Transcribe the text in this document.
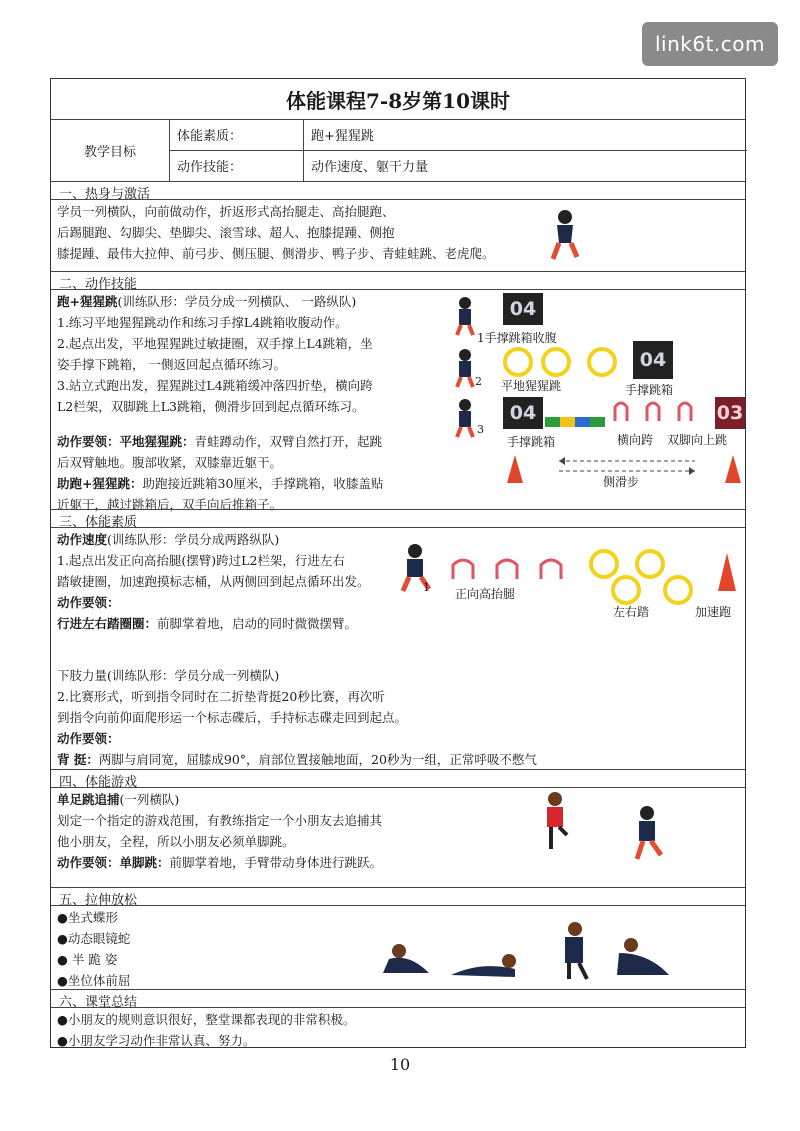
link6t.com
体能课程7-8岁第10课时
教学目标
体能素质：	跑+猩猩跳
动作技能：	动作速度、躯干力量
一、热身与激活

学员一列横队，向前做动作，折返形式高抬腿走、高抬腿跑、

后踢腿跑、勾脚尖、垫脚尖、滚雪球、超人、抱膝提踵、侧抱

膝提踵、最伟大拉伸、前弓步、侧压腿、侧滑步、鸭子步、青蛙蛙跳、老虎爬。

二、动作技能

跑+猩猩跳(训练队形：学员分成一列横队、 一路纵队)

1.练习平地猩猩跳动作和练习手撑L4跳箱收腹动作。

2.起点出发，平地猩猩跳过敏捷圈，双手撑上L4跳箱，坐

姿手撑下跳箱， 一侧返回起点循环练习。

3.站立式跑出发，猩猩跳过L4跳箱缓冲落四折垫，横向跨

L2栏架，双脚跳上L3跳箱，侧滑步回到起点循环练习。

动作要领：平地猩猩跳：青蛙蹲动作，双臂自然打开，起跳

后双臂触地。腹部收紧，双膝靠近躯干。

助跑+猩猩跳：助跑接近跳箱30厘米，手撑跳箱，收膝盖贴

近躯干，越过跳箱后，双手向后推箱子。

04
1手撑跳箱收腹
04
2 平地猩猩跳	手撑跳箱
04	03
3
手撑跳箱	横向跨 双脚向上跳
侧滑步
三、体能素质

动作速度(训练队形：学员分成两路纵队)

1.起点出发正向高抬腿(摆臂)跨过L2栏架，行进左右

踏敏捷圈，加速跑摸标志桶，从两侧回到起点循环出发。

动作要领：

行进左右踏圈圈：前脚掌着地，启动的同时微微摆臂。

1 正向高抬腿
左右踏	加速跑

下肢力量(训练队形：学员分成一列横队)

2.比赛形式，听到指令同时在二折垫背挺20秒比赛，再次听

到指令向前仰面爬形运一个标志碟后，手持标志碟走回到起点。

动作要领：

背 挺：两脚与肩同宽，屈膝成90°，肩部位置接触地面，20秒为一组，正常呼吸不憋气

四、体能游戏

单足跳追捕(一列横队)

划定一个指定的游戏范围，有教练指定一个小朋友去追捕其

他小朋友，全程，所以小朋友必须单脚跳。

动作要领：单脚跳：前脚掌着地，手臂带动身体进行跳跃。

五、拉伸放松

●坐式蝶形

●动态眼镜蛇

● 半 跪 姿

●坐位体前屈

六、课堂总结

●小朋友的规则意识很好，整堂课都表现的非常积极。

●小朋友学习动作非常认真、努力。

10
